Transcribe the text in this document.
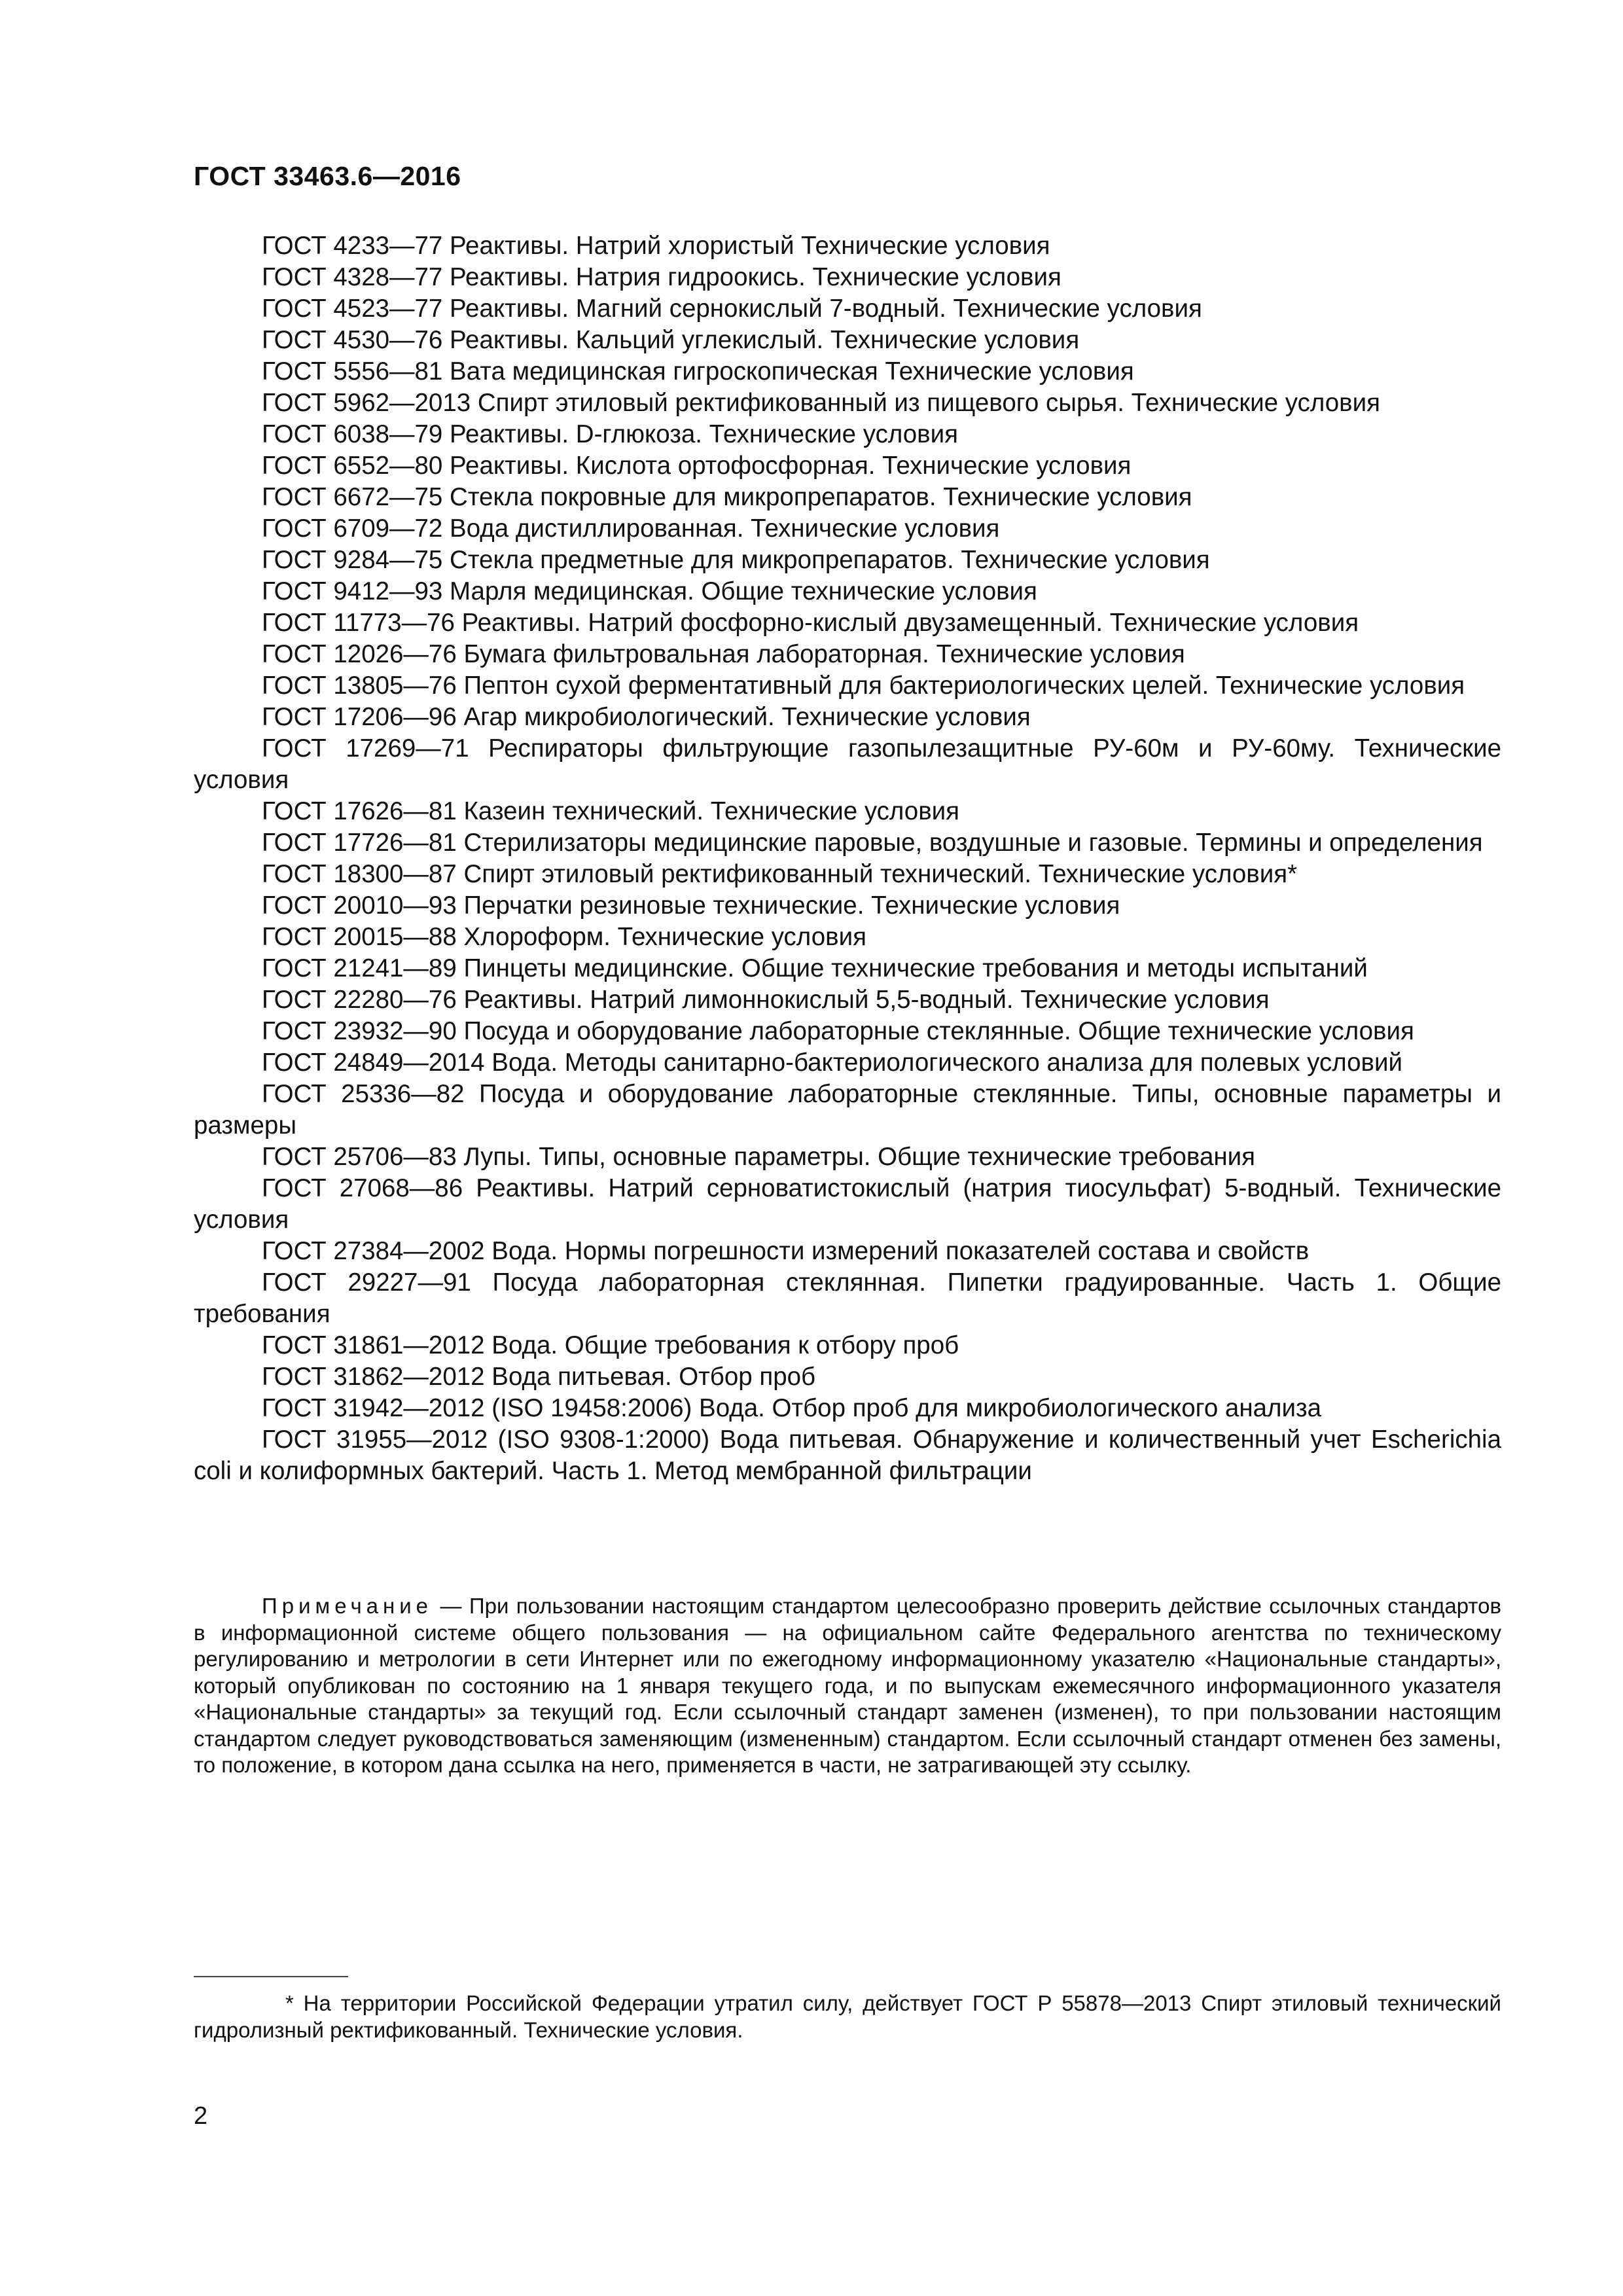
ГОСТ 33463.6—2016

ГОСТ 4233—77 Реактивы. Натрий хлористый Технические условия

ГОСТ 4328—77 Реактивы. Натрия гидроокись. Технические условия

ГОСТ 4523—77 Реактивы. Магний сернокислый 7-водный. Технические условия

ГОСТ 4530—76 Реактивы. Кальций углекислый. Технические условия

ГОСТ 5556—81 Вата медицинская гигроскопическая Технические условия

ГОСТ 5962—2013 Спирт этиловый ректификованный из пищевого сырья. Технические условия

ГОСТ 6038—79 Реактивы. D-глюкоза. Технические условия

ГОСТ 6552—80 Реактивы. Кислота ортофосфорная. Технические условия

ГОСТ 6672—75 Стекла покровные для микропрепаратов. Технические условия

ГОСТ 6709—72 Вода дистиллированная. Технические условия

ГОСТ 9284—75 Стекла предметные для микропрепаратов. Технические условия

ГОСТ 9412—93 Марля медицинская. Общие технические условия

ГОСТ 11773—76 Реактивы. Натрий фосфорно-кислый двузамещенный. Технические условия

ГОСТ 12026—76 Бумага фильтровальная лабораторная. Технические условия

ГОСТ 13805—76 Пептон сухой ферментативный для бактериологических целей. Технические условия

ГОСТ 17206—96 Агар микробиологический. Технические условия

ГОСТ 17269—71 Респираторы фильтрующие газопылезащитные РУ-60м и РУ-60му. Технические условия

ГОСТ 17626—81 Казеин технический. Технические условия

ГОСТ 17726—81 Стерилизаторы медицинские паровые, воздушные и газовые. Термины и определения

ГОСТ 18300—87 Спирт этиловый ректификованный технический. Технические условия*

ГОСТ 20010—93 Перчатки резиновые технические. Технические условия

ГОСТ 20015—88 Хлороформ. Технические условия

ГОСТ 21241—89 Пинцеты медицинские. Общие технические требования и методы испытаний

ГОСТ 22280—76 Реактивы. Натрий лимоннокислый 5,5-водный. Технические условия

ГОСТ 23932—90 Посуда и оборудование лабораторные стеклянные. Общие технические условия

ГОСТ 24849—2014 Вода. Методы санитарно-бактериологического анализа для полевых условий

ГОСТ 25336—82 Посуда и оборудование лабораторные стеклянные. Типы, основные параметры и размеры

ГОСТ 25706—83 Лупы. Типы, основные параметры. Общие технические требования

ГОСТ 27068—86 Реактивы. Натрий серноватистокислый (натрия тиосульфат) 5-водный. Технические условия

ГОСТ 27384—2002 Вода. Нормы погрешности измерений показателей состава и свойств

ГОСТ 29227—91 Посуда лабораторная стеклянная. Пипетки градуированные. Часть 1. Общие требования

ГОСТ 31861—2012 Вода. Общие требования к отбору проб

ГОСТ 31862—2012 Вода питьевая. Отбор проб

ГОСТ 31942—2012 (ISO 19458:2006) Вода. Отбор проб для микробиологического анализа

ГОСТ 31955—2012 (ISO 9308-1:2000) Вода питьевая. Обнаружение и количественный учет Escherichia coli и колиформных бактерий. Часть 1. Метод мембранной фильтрации

Примечание — При пользовании настоящим стандартом целесообразно проверить действие ссылочных стандартов в информационной системе общего пользования — на официальном сайте Федерального агентства по техническому регулированию и метрологии в сети Интернет или по ежегодному информационному указателю «Национальные стандарты», который опубликован по состоянию на 1 января текущего года, и по выпускам ежемесячного информационного указателя «Национальные стандарты» за текущий год. Если ссылочный стандарт заменен (изменен), то при пользовании настоящим стандартом следует руководствоваться заменяющим (измененным) стандартом. Если ссылочный стандарт отменен без замены, то положение, в котором дана ссылка на него, применяется в части, не затрагивающей эту ссылку.

* На территории Российской Федерации утратил силу, действует ГОСТ Р 55878—2013 Спирт этиловый технический гидролизный ректификованный. Технические условия.

2
